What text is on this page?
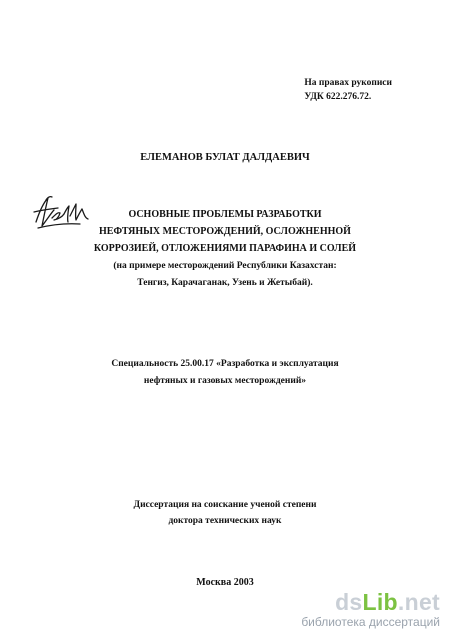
На правах рукописи
УДК 622.276.72.
ЕЛЕМАНОВ БУЛАТ ДАЛДАЕВИЧ
ОСНОВНЫЕ ПРОБЛЕМЫ РАЗРАБОТКИ
НЕФТЯНЫХ МЕСТОРОЖДЕНИЙ, ОСЛОЖНЕННОЙ
КОРРОЗИЕЙ, ОТЛОЖЕНИЯМИ ПАРАФИНА И СОЛЕЙ
(на примере месторождений Республики Казахстан:
Тенгиз, Карачаганак, Узень и Жетыбай).
Специальность 25.00.17 «Разработка и эксплуатация
нефтяных и газовых месторождений»
Диссертация на соискание ученой степени
доктора технических наук
Москва 2003
dsLib.net
библиотека диссертаций
